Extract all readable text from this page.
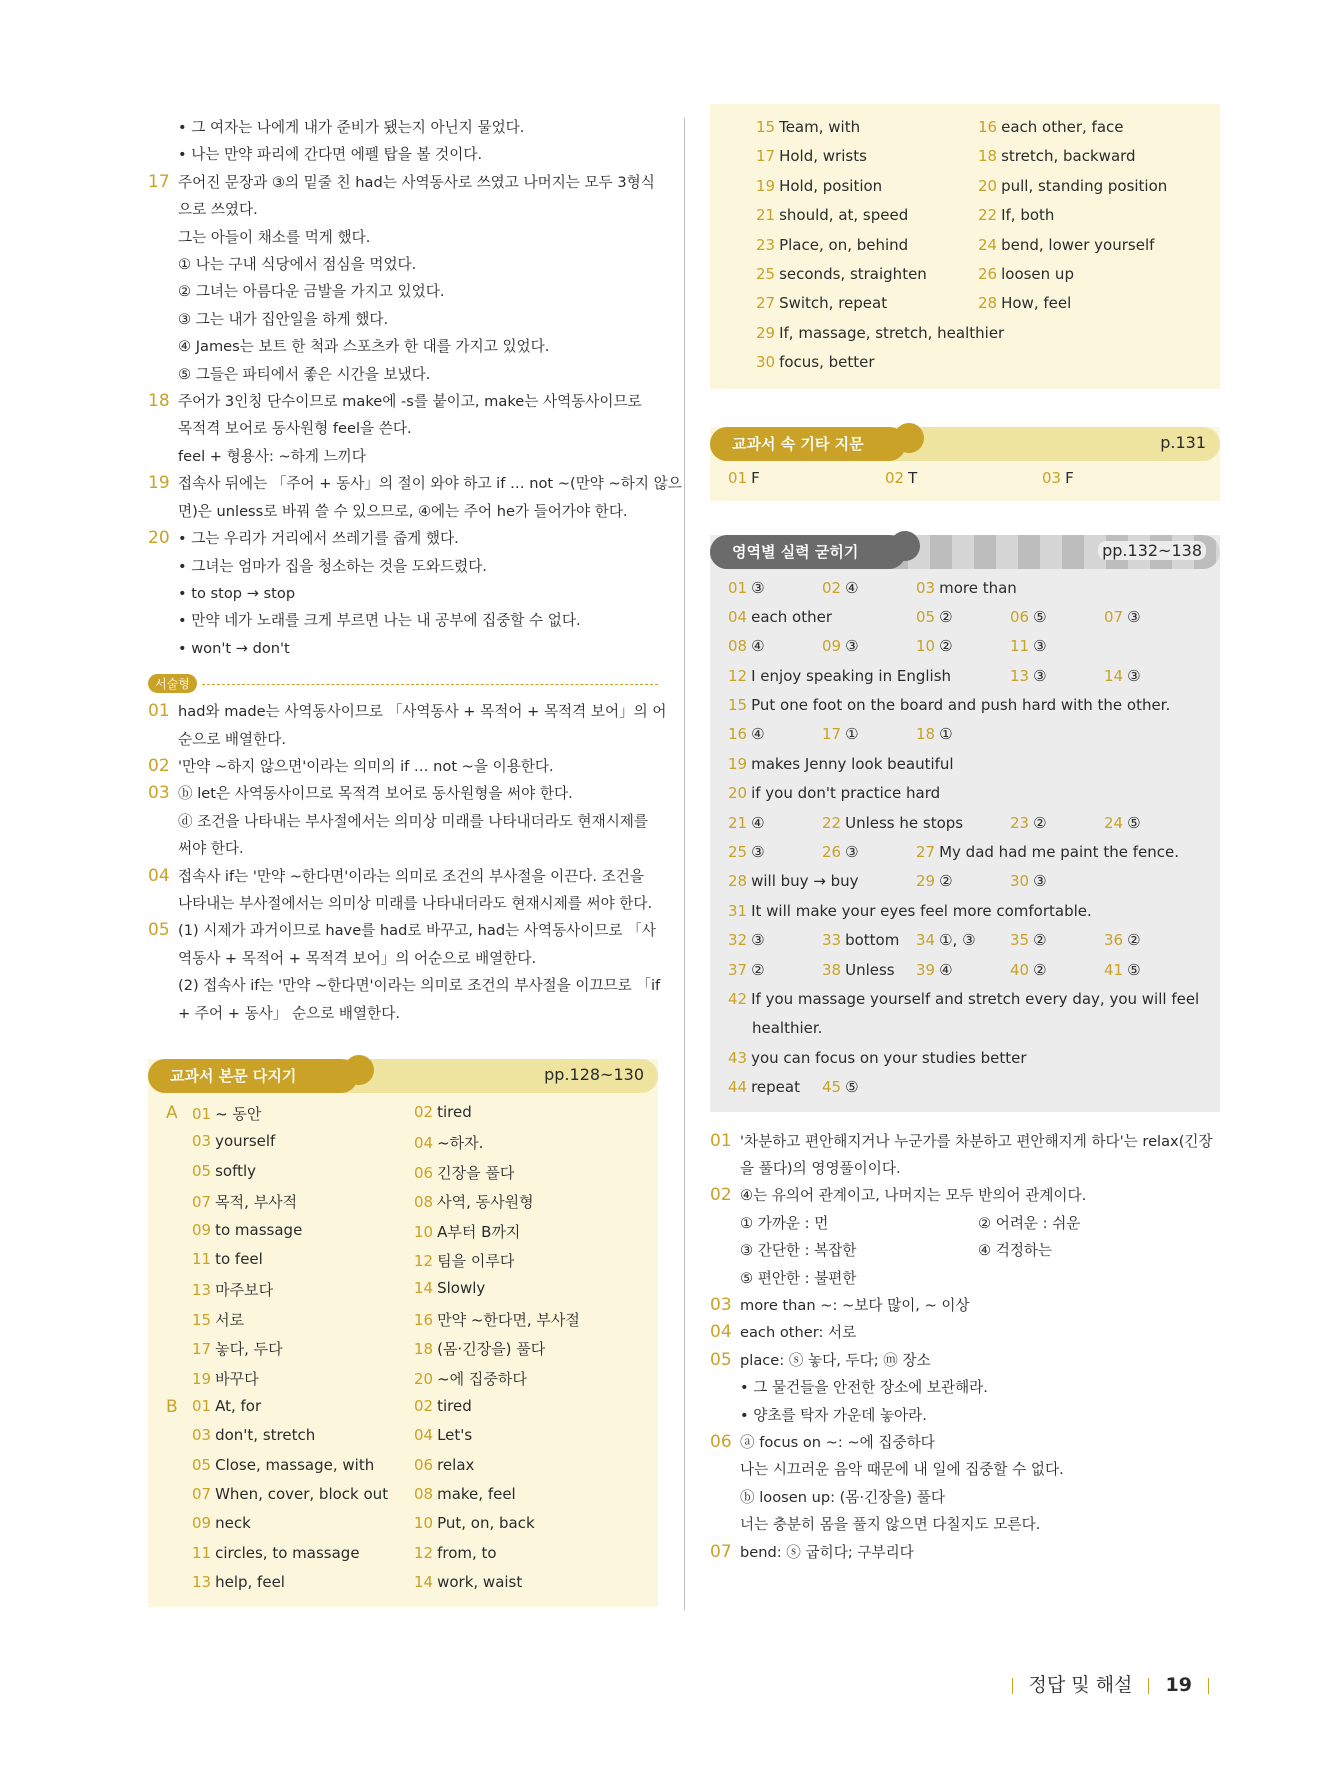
• 그 여자는 나에게 내가 준비가 됐는지 아닌지 물었다.
• 나는 만약 파리에 간다면 에펠 탑을 볼 것이다.
17 주어진 문장과 ③의 밑줄 친 had는 사역동사로 쓰였고 나머지는 모두 3형식
으로 쓰였다.
그는 아들이 채소를 먹게 했다.
① 나는 구내 식당에서 점심을 먹었다.
② 그녀는 아름다운 금발을 가지고 있었다.
③ 그는 내가 집안일을 하게 했다.
④ James는 보트 한 척과 스포츠카 한 대를 가지고 있었다.
⑤ 그들은 파티에서 좋은 시간을 보냈다.
18 주어가 3인칭 단수이므로 make에 -s를 붙이고, make는 사역동사이므로
목적격 보어로 동사원형 feel을 쓴다.
feel + 형용사: ~하게 느끼다
19 접속사 뒤에는 「주어 + 동사」의 절이 와야 하고 if … not ~(만약 ~하지 않으
면)은 unless로 바꿔 쓸 수 있으므로, ④에는 주어 he가 들어가야 한다.
20 • 그는 우리가 거리에서 쓰레기를 줍게 했다.
• 그녀는 엄마가 집을 청소하는 것을 도와드렸다.
• to stop → stop
• 만약 네가 노래를 크게 부르면 나는 내 공부에 집중할 수 없다.
• won't → don't
서술형
01 had와 made는 사역동사이므로 「사역동사 + 목적어 + 목적격 보어」의 어
순으로 배열한다.
02 '만약 ~하지 않으면'이라는 의미의 if … not ~을 이용한다.
03 ⓑ let은 사역동사이므로 목적격 보어로 동사원형을 써야 한다.
ⓓ 조건을 나타내는 부사절에서는 의미상 미래를 나타내더라도 현재시제를
써야 한다.
04 접속사 if는 '만약 ~한다면'이라는 의미로 조건의 부사절을 이끈다. 조건을
나타내는 부사절에서는 의미상 미래를 나타내더라도 현재시제를 써야 한다.
05 (1) 시제가 과거이므로 have를 had로 바꾸고, had는 사역동사이므로 「사
역동사 + 목적어 + 목적격 보어」의 어순으로 배열한다.
(2) 접속사 if는 '만약 ~한다면'이라는 의미로 조건의 부사절을 이끄므로 「if
+ 주어 + 동사」 순으로 배열한다.
교과서 본문 다지기	pp.128~130
A 01 ~ 동안	02 tired
03 yourself	04 ~하자.
05 softly	06 긴장을 풀다
07 목적, 부사적	08 사역, 동사원형
09 to massage	10 A부터 B까지
11 to feel	12 팀을 이루다
13 마주보다	14 Slowly
15 서로	16 만약 ~한다면, 부사절
17 놓다, 두다	18 (몸·긴장을) 풀다
19 바꾸다	20 ~에 집중하다
B 01 At, for	02 tired
03 don't, stretch	04 Let's
05 Close, massage, with	06 relax
07 When, cover, block out 08 make, feel
09 neck	10 Put, on, back
11 circles, to massage	12 from, to
13 help, feel	14 work, waist
15 Team, with	16 each other, face
17 Hold, wrists	18 stretch, backward
19 Hold, position	20 pull, standing position
21 should, at, speed	22 If, both
23 Place, on, behind	24 bend, lower yourself
25 seconds, straighten	26 loosen up
27 Switch, repeat	28 How, feel
29 If, massage, stretch, healthier
30 focus, better
교과서 속 기타 지문	p.131
01 F	02 T	03 F
영역별 실력 굳히기	pp.132~138
01 ③	02 ④	03 more than
04 each other	05 ②	06 ⑤	07 ③
08 ④	09 ③	10 ②	11 ③
12 I enjoy speaking in English	13 ③	14 ③
15 Put one foot on the board and push hard with the other.
16 ④	17 ①	18 ①
19 makes Jenny look beautiful
20 if you don't practice hard
21 ④	22 Unless he stops	23 ②	24 ⑤
25 ③	26 ③	27 My dad had me paint the fence.
28 will buy → buy	29 ②	30 ③
31 It will make your eyes feel more comfortable.
32 ③	33 bottom 34 ①, ③ 35 ②	36 ②
37 ②	38 Unless 39 ④	40 ②	41 ⑤
42 If you massage yourself and stretch every day, you will feel
healthier.
43 you can focus on your studies better
44 repeat 45 ⑤
01 '차분하고 편안해지거나 누군가를 차분하고 편안해지게 하다'는 relax(긴장
을 풀다)의 영영풀이이다.
02 ④는 유의어 관계이고, 나머지는 모두 반의어 관계이다.
① 가까운 : 먼	② 어려운 : 쉬운
③ 간단한 : 복잡한	④ 걱정하는
⑤ 편안한 : 불편한
03 more than ~: ~보다 많이, ~ 이상
04 each other: 서로
05 place: ⓢ 놓다, 두다; ⓜ 장소
• 그 물건들을 안전한 장소에 보관해라.
• 양초를 탁자 가운데 놓아라.
06 ⓐ focus on ~: ~에 집중하다
나는 시끄러운 음악 때문에 내 일에 집중할 수 없다.
ⓑ loosen up: (몸·긴장을) 풀다
너는 충분히 몸을 풀지 않으면 다칠지도 모른다.
07 bend: ⓢ 굽히다; 구부리다
정답 및 해설 19
